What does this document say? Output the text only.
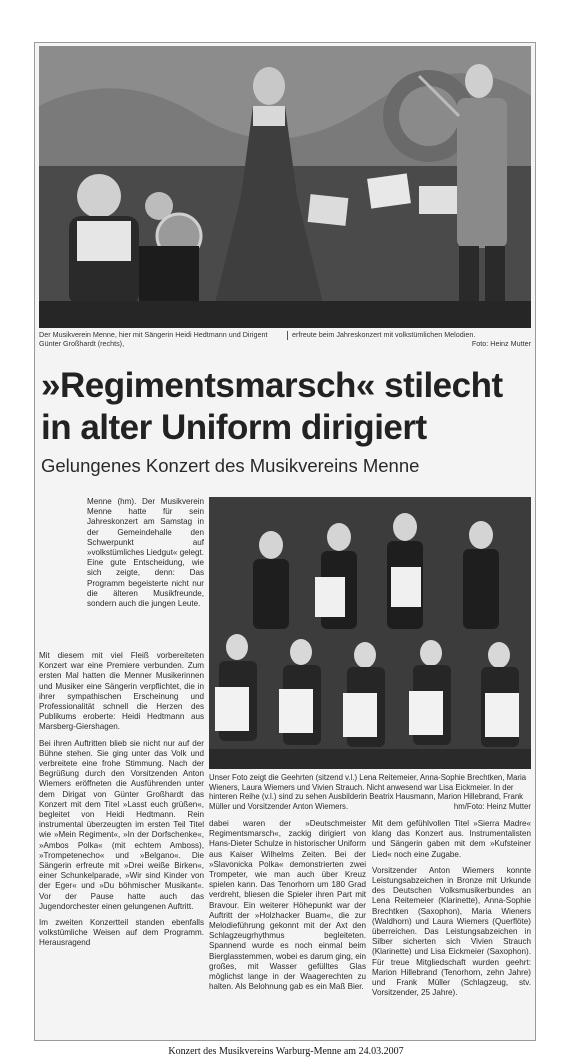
Der Musikverein Menne, hier mit Sängerin Heidi Hedtmann und Dirigent Günter Großhardt (rechts),
erfreute beim Jahreskonzert mit volkstümlichen Melodien.
Foto: Heinz Mutter
»Regimentsmarsch« stilecht
in alter Uniform dirigiert
Gelungenes Konzert des Musikvereins Menne

Menne (hm). Der Musikverein Menne hatte für sein Jahreskonzert am Samstag in der Gemeindehalle den Schwerpunkt auf »volkstümliches Liedgut« gelegt. Eine gute Entscheidung, wie sich zeigte, denn: Das Programm begeisterte nicht nur die älteren Musikfreunde, sondern auch die jungen Leute.

Mit diesem mit viel Fleiß vorbereiteten Konzert war eine Premiere verbunden. Zum ersten Mal hatten die Menner Musikerinnen und Musiker eine Sängerin verpflichtet, die in ihrer sympathischen Erscheinung und Professionalität schnell die Herzen des Publikums eroberte: Heidi Hedtmann aus Marsberg-Giershagen.

Bei ihren Auftritten blieb sie nicht nur auf der Bühne stehen. Sie ging unter das Volk und verbreitete eine frohe Stimmung. Nach der Begrüßung durch den Vorsitzenden Anton Wiemers eröffneten die Ausführenden unter dem Dirigat von Günter Großhardt das Konzert mit dem Titel »Lasst euch grüßen«, begleitet von Heidi Hedtmann. Rein instrumental überzeugten im ersten Teil Titel wie »Mein Regiment«, »In der Dorfschenke«, »Ambos Polka« (mit echtem Amboss), »Trompetenecho« und »Belgano«. Die Sängerin erfreute mit »Drei weiße Birken«, einer Schunkelparade, »Wir sind Kinder von der Eger« und »Du böhmischer Musikant«. Vor der Pause hatte auch das Jugendorchester einen gelungenen Auftritt.

Im zweiten Konzertteil standen ebenfalls volkstümliche Weisen auf dem Programm. Herausragend

Unser Foto zeigt die Geehrten (sitzend v.l.) Lena Reitemeier, Anna-Sophie Brechtken, Maria Wieners, Laura Wiemers und Vivien Strauch. Nicht anwesend war Lisa Eickmeier. In der hinteren Reihe (v.l.) sind zu sehen Ausbilderin Beatrix Hausmann, Marion Hillebrand, Frank Müller und Vorsitzender Anton Wiemers.	hm/Foto: Heinz Mutter

dabei waren der »Deutschmeister Regimentsmarsch«, zackig dirigiert von Hans-Dieter Schulze in historischer Uniform aus Kaiser Wilhelms Zeiten. Bei der »Slavonicka Polka« demonstrierten zwei Trompeter, wie man auch über Kreuz spielen kann. Das Tenorhorn um 180 Grad verdreht, bliesen die Spieler ihren Part mit Bravour. Ein weiterer Höhepunkt war der Auftritt der »Holzhacker Buam«, die zur Melodieführung gekonnt mit der Axt den Schlagzeugrhythmus begleiteten. Spannend wurde es noch einmal beim Bierglasstemmen, wobei es darum ging, ein großes, mit Wasser gefülltes Glas möglichst lange in der Waagerechten zu halten. Als Belohnung gab es ein Maß Bier.

Mit dem gefühlvollen Titel »Sierra Madre« klang das Konzert aus. Instrumentalisten und Sängerin gaben mit dem »Kufsteiner Lied« noch eine Zugabe.

Vorsitzender Anton Wiemers konnte Leistungsabzeichen in Bronze mit Urkunde des Deutschen Volksmusikerbundes an Lena Reitemeier (Klarinette), Anna-Sophie Brechtken (Saxophon), Maria Wieners (Waldhorn) und Laura Wiemers (Querflöte) überreichen. Das Leistungsabzeichen in Silber sicherten sich Vivien Strauch (Klarinette) und Lisa Eickmeier (Saxophon). Für treue Mitgliedschaft wurden geehrt: Marion Hillebrand (Tenorhorn, zehn Jahre) und Frank Müller (Schlagzeug, stv. Vorsitzender, 25 Jahre).

Konzert des Musikvereins Warburg-Menne am 24.03.2007
